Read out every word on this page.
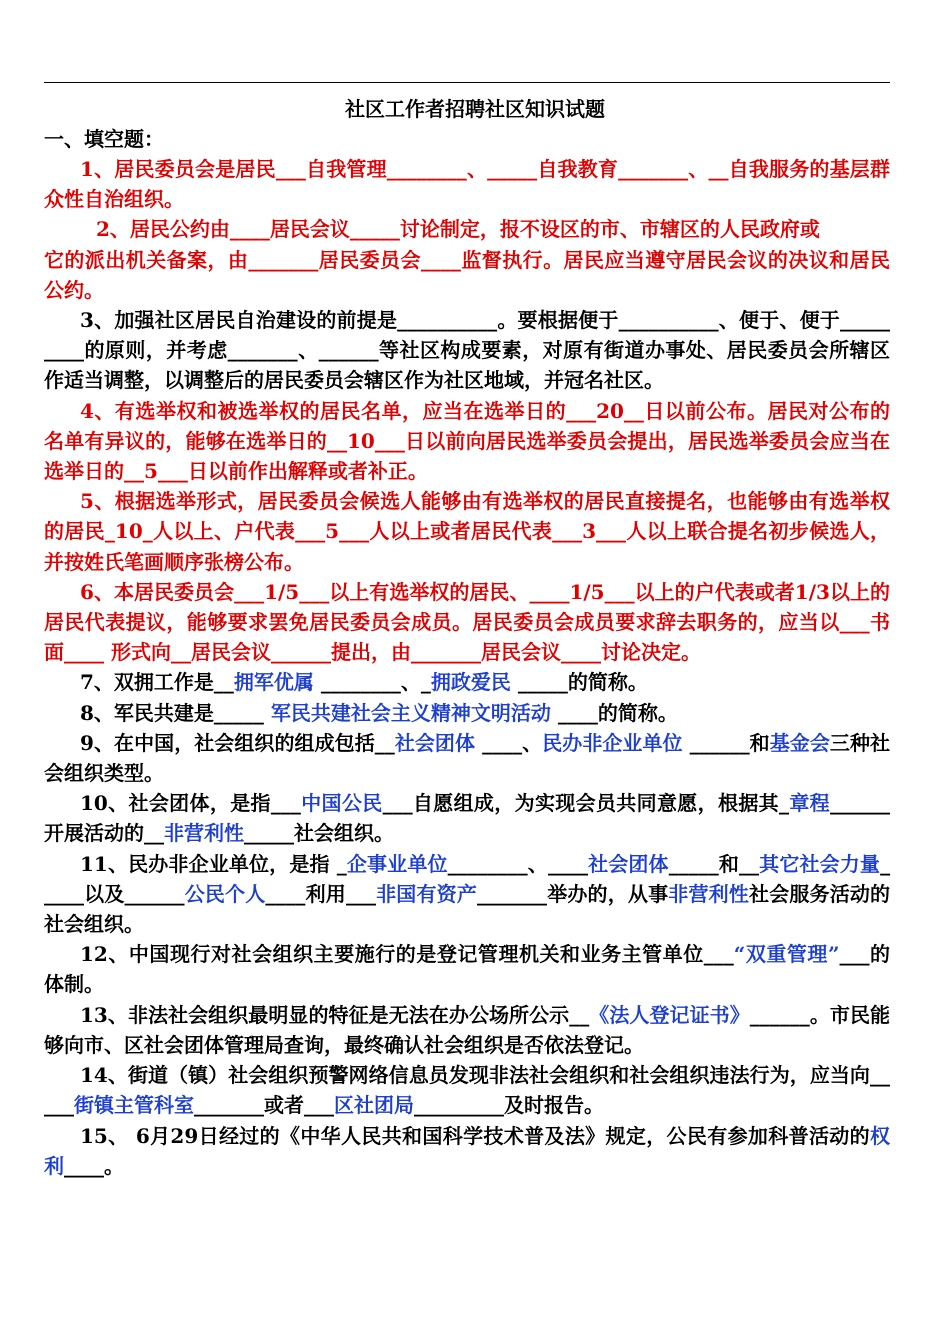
社区工作者招聘社区知识试题
一、填空题：

1、居民委员会是居民___自我管理________、_____自我教育_______、__自我服务的基层群众性自治组织。

2、居民公约由____居民会议_____讨论制定，报不设区的市、市辖区的人民政府或

它的派出机关备案，由_______居民委员会____监督执行。居民应当遵守居民会议的决议和居民公约。

3、加强社区居民自治建设的前提是__________。要根据便于__________、便于、便于_________的原则，并考虑_______、______等社区构成要素，对原有街道办事处、居民委员会所辖区作适当调整，以调整后的居民委员会辖区作为社区地域，并冠名社区。

4、有选举权和被选举权的居民名单，应当在选举日的___20__日以前公布。居民对公布的名单有异议的，能够在选举日的__10___日以前向居民选举委员会提出，居民选举委员会应当在选举日的__5___日以前作出解释或者补正。

5、根据选举形式，居民委员会候选人能够由有选举权的居民直接提名，也能够由有选举权的居民_10_人以上、户代表___5___人以上或者居民代表___3___人以上联合提名初步候选人，并按姓氏笔画顺序张榜公布。

6、本居民委员会___1/5___以上有选举权的居民、____1/5___以上的户代表或者1/3以上的居民代表提议，能够要求罢免居民委员会成员。居民委员会成员要求辞去职务的，应当以___书面____ 形式向__居民会议______提出，由_______居民会议____讨论决定。

7、双拥工作是__拥军优属 ________、_拥政爱民 _____的简称。

8、军民共建是_____ 军民共建社会主义精神文明活动 ____的简称。

9、在中国，社会组织的组成包括__社会团体 ____、民办非企业单位 ______和基金会三种社会组织类型。

10、社会团体，是指___中国公民___自愿组成，为实现会员共同意愿，根据其_章程______开展活动的__非营利性_____社会组织。

11、民办非企业单位，是指 _企事业单位________、____社会团体_____和__其它社会力量_____以及______公民个人____利用___非国有资产_______举办的，从事非营利性社会服务活动的社会组织。

12、中国现行对社会组织主要施行的是登记管理机关和业务主管单位___“双重管理”___的体制。

13、非法社会组织最明显的特征是无法在办公场所公示__《法人登记证书》______。市民能够向市、区社会团体管理局查询，最终确认社会组织是否依法登记。

14、街道（镇）社会组织预警网络信息员发现非法社会组织和社会组织违法行为，应当向_____街镇主管科室_______或者___区社团局_________及时报告。

15、 6月29日经过的《中华人民共和国科学技术普及法》规定，公民有参加科普活动的权利____。
